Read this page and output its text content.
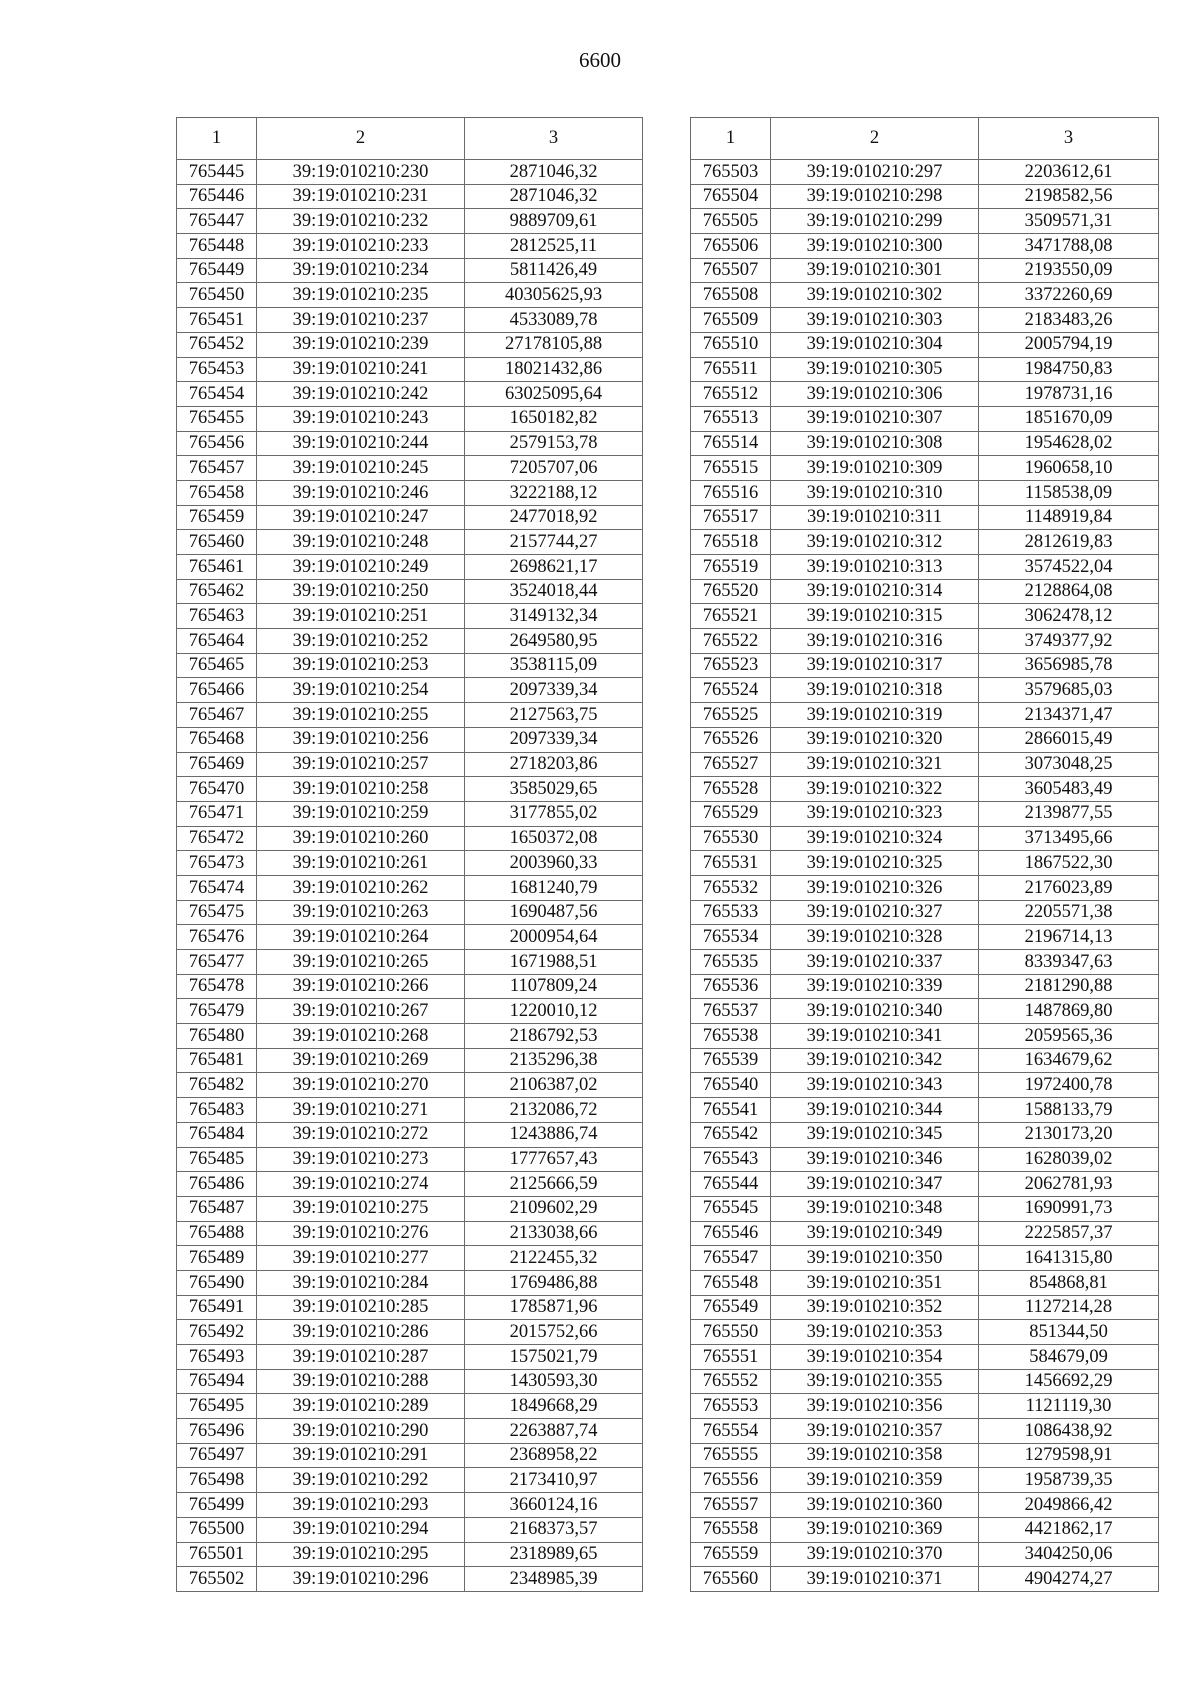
6600
1	2	3
765445	39:19:010210:230	2871046,32
765446	39:19:010210:231	2871046,32
765447	39:19:010210:232	9889709,61
765448	39:19:010210:233	2812525,11
765449	39:19:010210:234	5811426,49
765450	39:19:010210:235	40305625,93
765451	39:19:010210:237	4533089,78
765452	39:19:010210:239	27178105,88
765453	39:19:010210:241	18021432,86
765454	39:19:010210:242	63025095,64
765455	39:19:010210:243	1650182,82
765456	39:19:010210:244	2579153,78
765457	39:19:010210:245	7205707,06
765458	39:19:010210:246	3222188,12
765459	39:19:010210:247	2477018,92
765460	39:19:010210:248	2157744,27
765461	39:19:010210:249	2698621,17
765462	39:19:010210:250	3524018,44
765463	39:19:010210:251	3149132,34
765464	39:19:010210:252	2649580,95
765465	39:19:010210:253	3538115,09
765466	39:19:010210:254	2097339,34
765467	39:19:010210:255	2127563,75
765468	39:19:010210:256	2097339,34
765469	39:19:010210:257	2718203,86
765470	39:19:010210:258	3585029,65
765471	39:19:010210:259	3177855,02
765472	39:19:010210:260	1650372,08
765473	39:19:010210:261	2003960,33
765474	39:19:010210:262	1681240,79
765475	39:19:010210:263	1690487,56
765476	39:19:010210:264	2000954,64
765477	39:19:010210:265	1671988,51
765478	39:19:010210:266	1107809,24
765479	39:19:010210:267	1220010,12
765480	39:19:010210:268	2186792,53
765481	39:19:010210:269	2135296,38
765482	39:19:010210:270	2106387,02
765483	39:19:010210:271	2132086,72
765484	39:19:010210:272	1243886,74
765485	39:19:010210:273	1777657,43
765486	39:19:010210:274	2125666,59
765487	39:19:010210:275	2109602,29
765488	39:19:010210:276	2133038,66
765489	39:19:010210:277	2122455,32
765490	39:19:010210:284	1769486,88
765491	39:19:010210:285	1785871,96
765492	39:19:010210:286	2015752,66
765493	39:19:010210:287	1575021,79
765494	39:19:010210:288	1430593,30
765495	39:19:010210:289	1849668,29
765496	39:19:010210:290	2263887,74
765497	39:19:010210:291	2368958,22
765498	39:19:010210:292	2173410,97
765499	39:19:010210:293	3660124,16
765500	39:19:010210:294	2168373,57
765501	39:19:010210:295	2318989,65
765502	39:19:010210:296	2348985,39
1	2	3
765503	39:19:010210:297	2203612,61
765504	39:19:010210:298	2198582,56
765505	39:19:010210:299	3509571,31
765506	39:19:010210:300	3471788,08
765507	39:19:010210:301	2193550,09
765508	39:19:010210:302	3372260,69
765509	39:19:010210:303	2183483,26
765510	39:19:010210:304	2005794,19
765511	39:19:010210:305	1984750,83
765512	39:19:010210:306	1978731,16
765513	39:19:010210:307	1851670,09
765514	39:19:010210:308	1954628,02
765515	39:19:010210:309	1960658,10
765516	39:19:010210:310	1158538,09
765517	39:19:010210:311	1148919,84
765518	39:19:010210:312	2812619,83
765519	39:19:010210:313	3574522,04
765520	39:19:010210:314	2128864,08
765521	39:19:010210:315	3062478,12
765522	39:19:010210:316	3749377,92
765523	39:19:010210:317	3656985,78
765524	39:19:010210:318	3579685,03
765525	39:19:010210:319	2134371,47
765526	39:19:010210:320	2866015,49
765527	39:19:010210:321	3073048,25
765528	39:19:010210:322	3605483,49
765529	39:19:010210:323	2139877,55
765530	39:19:010210:324	3713495,66
765531	39:19:010210:325	1867522,30
765532	39:19:010210:326	2176023,89
765533	39:19:010210:327	2205571,38
765534	39:19:010210:328	2196714,13
765535	39:19:010210:337	8339347,63
765536	39:19:010210:339	2181290,88
765537	39:19:010210:340	1487869,80
765538	39:19:010210:341	2059565,36
765539	39:19:010210:342	1634679,62
765540	39:19:010210:343	1972400,78
765541	39:19:010210:344	1588133,79
765542	39:19:010210:345	2130173,20
765543	39:19:010210:346	1628039,02
765544	39:19:010210:347	2062781,93
765545	39:19:010210:348	1690991,73
765546	39:19:010210:349	2225857,37
765547	39:19:010210:350	1641315,80
765548	39:19:010210:351	854868,81
765549	39:19:010210:352	1127214,28
765550	39:19:010210:353	851344,50
765551	39:19:010210:354	584679,09
765552	39:19:010210:355	1456692,29
765553	39:19:010210:356	1121119,30
765554	39:19:010210:357	1086438,92
765555	39:19:010210:358	1279598,91
765556	39:19:010210:359	1958739,35
765557	39:19:010210:360	2049866,42
765558	39:19:010210:369	4421862,17
765559	39:19:010210:370	3404250,06
765560	39:19:010210:371	4904274,27
